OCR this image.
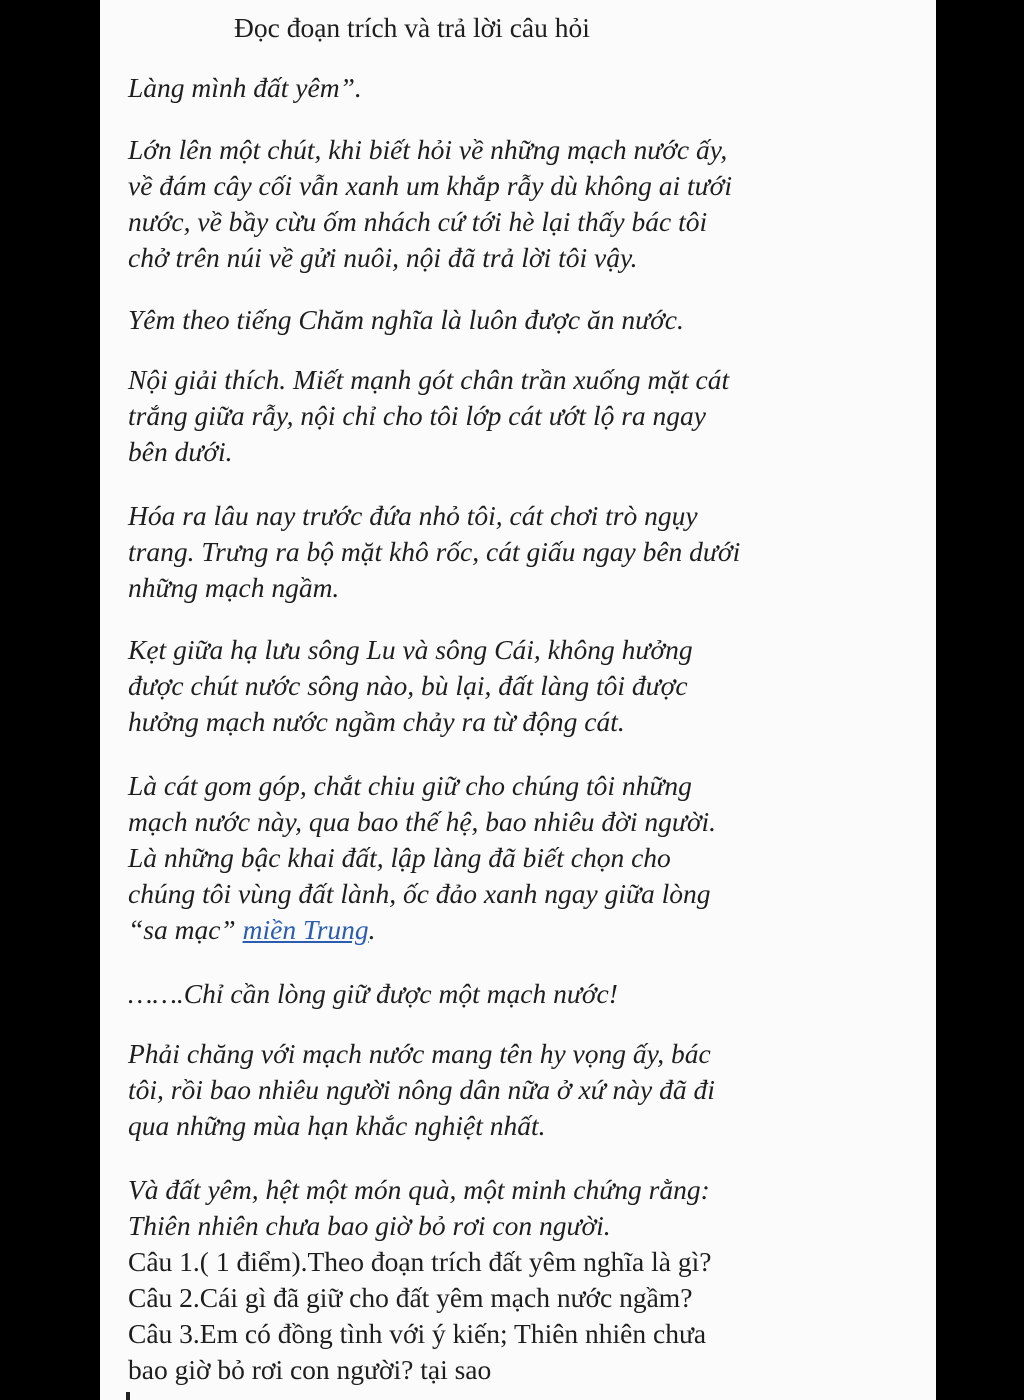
Đọc đoạn trích và trả lời câu hỏi

Làng mình đất yêm”.

Lớn lên một chút, khi biết hỏi về những mạch nước ấy,
về đám cây cối vẫn xanh um khắp rẫy dù không ai tưới
nước, về bầy cừu ốm nhách cứ tới hè lại thấy bác tôi
chở trên núi về gửi nuôi, nội đã trả lời tôi vậy.

Yêm theo tiếng Chăm nghĩa là luôn được ăn nước.

Nội giải thích. Miết mạnh gót chân trần xuống mặt cát
trắng giữa rẫy, nội chỉ cho tôi lớp cát ướt lộ ra ngay
bên dưới.

Hóa ra lâu nay trước đứa nhỏ tôi, cát chơi trò ngụy
trang. Trưng ra bộ mặt khô rốc, cát giấu ngay bên dưới
những mạch ngầm.

Kẹt giữa hạ lưu sông Lu và sông Cái, không hưởng
được chút nước sông nào, bù lại, đất làng tôi được
hưởng mạch nước ngầm chảy ra từ động cát.

Là cát gom góp, chắt chiu giữ cho chúng tôi những
mạch nước này, qua bao thế hệ, bao nhiêu đời người.
Là những bậc khai đất, lập làng đã biết chọn cho
chúng tôi vùng đất lành, ốc đảo xanh ngay giữa lòng
“sa mạc” miền Trung.

…….Chỉ cần lòng giữ được một mạch nước!

Phải chăng với mạch nước mang tên hy vọng ấy, bác
tôi, rồi bao nhiêu người nông dân nữa ở xứ này đã đi
qua những mùa hạn khắc nghiệt nhất.

Và đất yêm, hệt một món quà, một minh chứng rằng:
Thiên nhiên chưa bao giờ bỏ rơi con người.

Câu 1.( 1 điểm).Theo đoạn trích đất yêm nghĩa là gì?
Câu 2.Cái gì đã giữ cho đất yêm mạch nước ngầm?
Câu 3.Em có đồng tình với ý kiến; Thiên nhiên chưa
bao giờ bỏ rơi con người? tại sao
